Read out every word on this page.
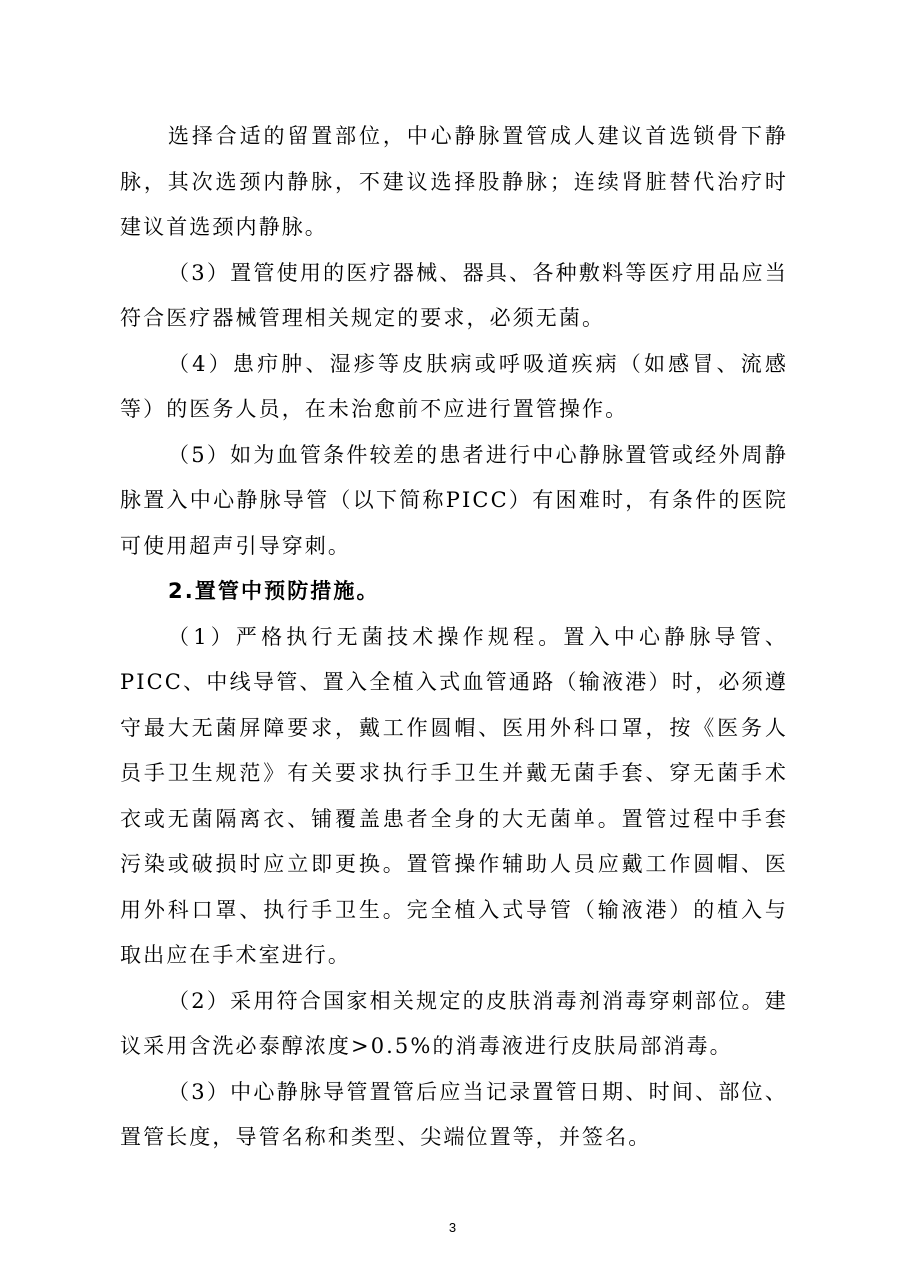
选择合适的留置部位，中心静脉置管成人建议首选锁骨下静脉，其次选颈内静脉，不建议选择股静脉；连续肾脏替代治疗时建议首选颈内静脉。

（3）置管使用的医疗器械、器具、各种敷料等医疗用品应当符合医疗器械管理相关规定的要求，必须无菌。

（4）患疖肿、湿疹等皮肤病或呼吸道疾病（如感冒、流感等）的医务人员，在未治愈前不应进行置管操作。

（5）如为血管条件较差的患者进行中心静脉置管或经外周静脉置入中心静脉导管（以下简称PICC）有困难时，有条件的医院可使用超声引导穿刺。

2.置管中预防措施。

（1）严格执行无菌技术操作规程。置入中心静脉导管、PICC、中线导管、置入全植入式血管通路（输液港）时，必须遵守最大无菌屏障要求，戴工作圆帽、医用外科口罩，按《医务人员手卫生规范》有关要求执行手卫生并戴无菌手套、穿无菌手术衣或无菌隔离衣、铺覆盖患者全身的大无菌单。置管过程中手套污染或破损时应立即更换。置管操作辅助人员应戴工作圆帽、医用外科口罩、执行手卫生。完全植入式导管（输液港）的植入与取出应在手术室进行。

（2）采用符合国家相关规定的皮肤消毒剂消毒穿刺部位。建议采用含洗必泰醇浓度>0.5%的消毒液进行皮肤局部消毒。

（3）中心静脉导管置管后应当记录置管日期、时间、部位、置管长度，导管名称和类型、尖端位置等，并签名。

3
